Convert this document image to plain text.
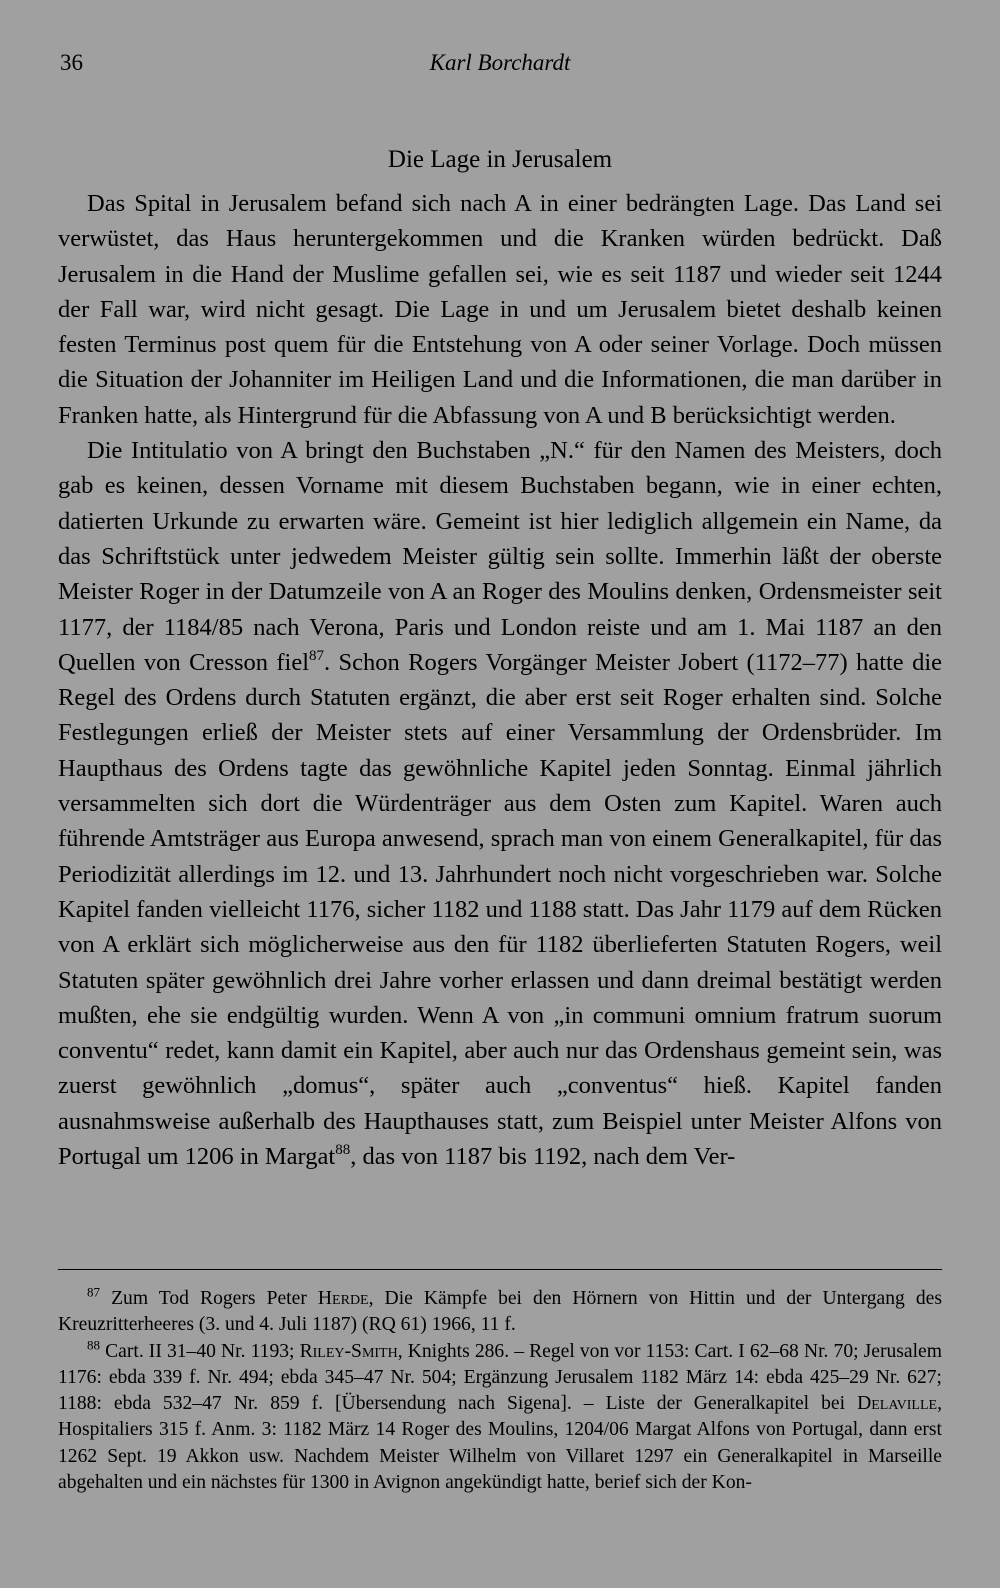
36	Karl Borchardt
Die Lage in Jerusalem

Das Spital in Jerusalem befand sich nach A in einer bedrängten Lage. Das Land sei verwüstet, das Haus heruntergekommen und die Kranken würden bedrückt. Daß Jerusalem in die Hand der Muslime gefallen sei, wie es seit 1187 und wieder seit 1244 der Fall war, wird nicht gesagt. Die Lage in und um Jerusalem bietet deshalb keinen festen Terminus post quem für die Entstehung von A oder seiner Vorlage. Doch müssen die Situation der Johanniter im Heiligen Land und die Informationen, die man darüber in Franken hatte, als Hintergrund für die Abfassung von A und B berücksichtigt werden.

Die Intitulatio von A bringt den Buchstaben „N.“ für den Namen des Meisters, doch gab es keinen, dessen Vorname mit diesem Buchstaben begann, wie in einer echten, datierten Urkunde zu erwarten wäre. Gemeint ist hier lediglich allgemein ein Name, da das Schriftstück unter jedwedem Meister gültig sein sollte. Immerhin läßt der oberste Meister Roger in der Datumzeile von A an Roger des Moulins denken, Ordensmeister seit 1177, der 1184/85 nach Verona, Paris und London reiste und am 1. Mai 1187 an den Quellen von Cresson fiel$^{87}$. Schon Rogers Vorgänger Meister Jobert (1172–77) hatte die Regel des Ordens durch Statuten ergänzt, die aber erst seit Roger erhalten sind. Solche Festlegungen erließ der Meister stets auf einer Versammlung der Ordensbrüder. Im Haupthaus des Ordens tagte das gewöhnliche Kapitel jeden Sonntag. Einmal jährlich versammelten sich dort die Würdenträger aus dem Osten zum Kapitel. Waren auch führende Amtsträger aus Europa anwesend, sprach man von einem Generalkapitel, für das Periodizität allerdings im 12. und 13. Jahrhundert noch nicht vorgeschrieben war. Solche Kapitel fanden vielleicht 1176, sicher 1182 und 1188 statt. Das Jahr 1179 auf dem Rücken von A erklärt sich möglicherweise aus den für 1182 überlieferten Statuten Rogers, weil Statuten später gewöhnlich drei Jahre vorher erlassen und dann dreimal bestätigt werden mußten, ehe sie endgültig wurden. Wenn A von „in communi omnium fratrum suorum conventu“ redet, kann damit ein Kapitel, aber auch nur das Ordenshaus gemeint sein, was zuerst gewöhnlich „domus“, später auch „conventus“ hieß. Kapitel fanden ausnahmsweise außerhalb des Haupthauses statt, zum Beispiel unter Meister Alfons von Portugal um 1206 in Margat$^{88}$, das von 1187 bis 1192, nach dem Ver-

$^{87}$ Zum Tod Rogers Peter Herde, Die Kämpfe bei den Hörnern von Hittin und der Untergang des Kreuzritterheeres (3. und 4. Juli 1187) (RQ 61) 1966, 11 f.

$^{88}$ Cart. II 31–40 Nr. 1193; Riley-Smith, Knights 286. – Regel von vor 1153: Cart. I 62–68 Nr. 70; Jerusalem 1176: ebda 339 f. Nr. 494; ebda 345–47 Nr. 504; Ergänzung Jerusalem 1182 März 14: ebda 425–29 Nr. 627; 1188: ebda 532–47 Nr. 859 f. [Übersendung nach Sigena]. – Liste der Generalkapitel bei Delaville, Hospitaliers 315 f. Anm. 3: 1182 März 14 Roger des Moulins, 1204/06 Margat Alfons von Portugal, dann erst 1262 Sept. 19 Akkon usw. Nachdem Meister Wilhelm von Villaret 1297 ein Generalkapitel in Marseille abgehalten und ein nächstes für 1300 in Avignon angekündigt hatte, berief sich der Kon-
